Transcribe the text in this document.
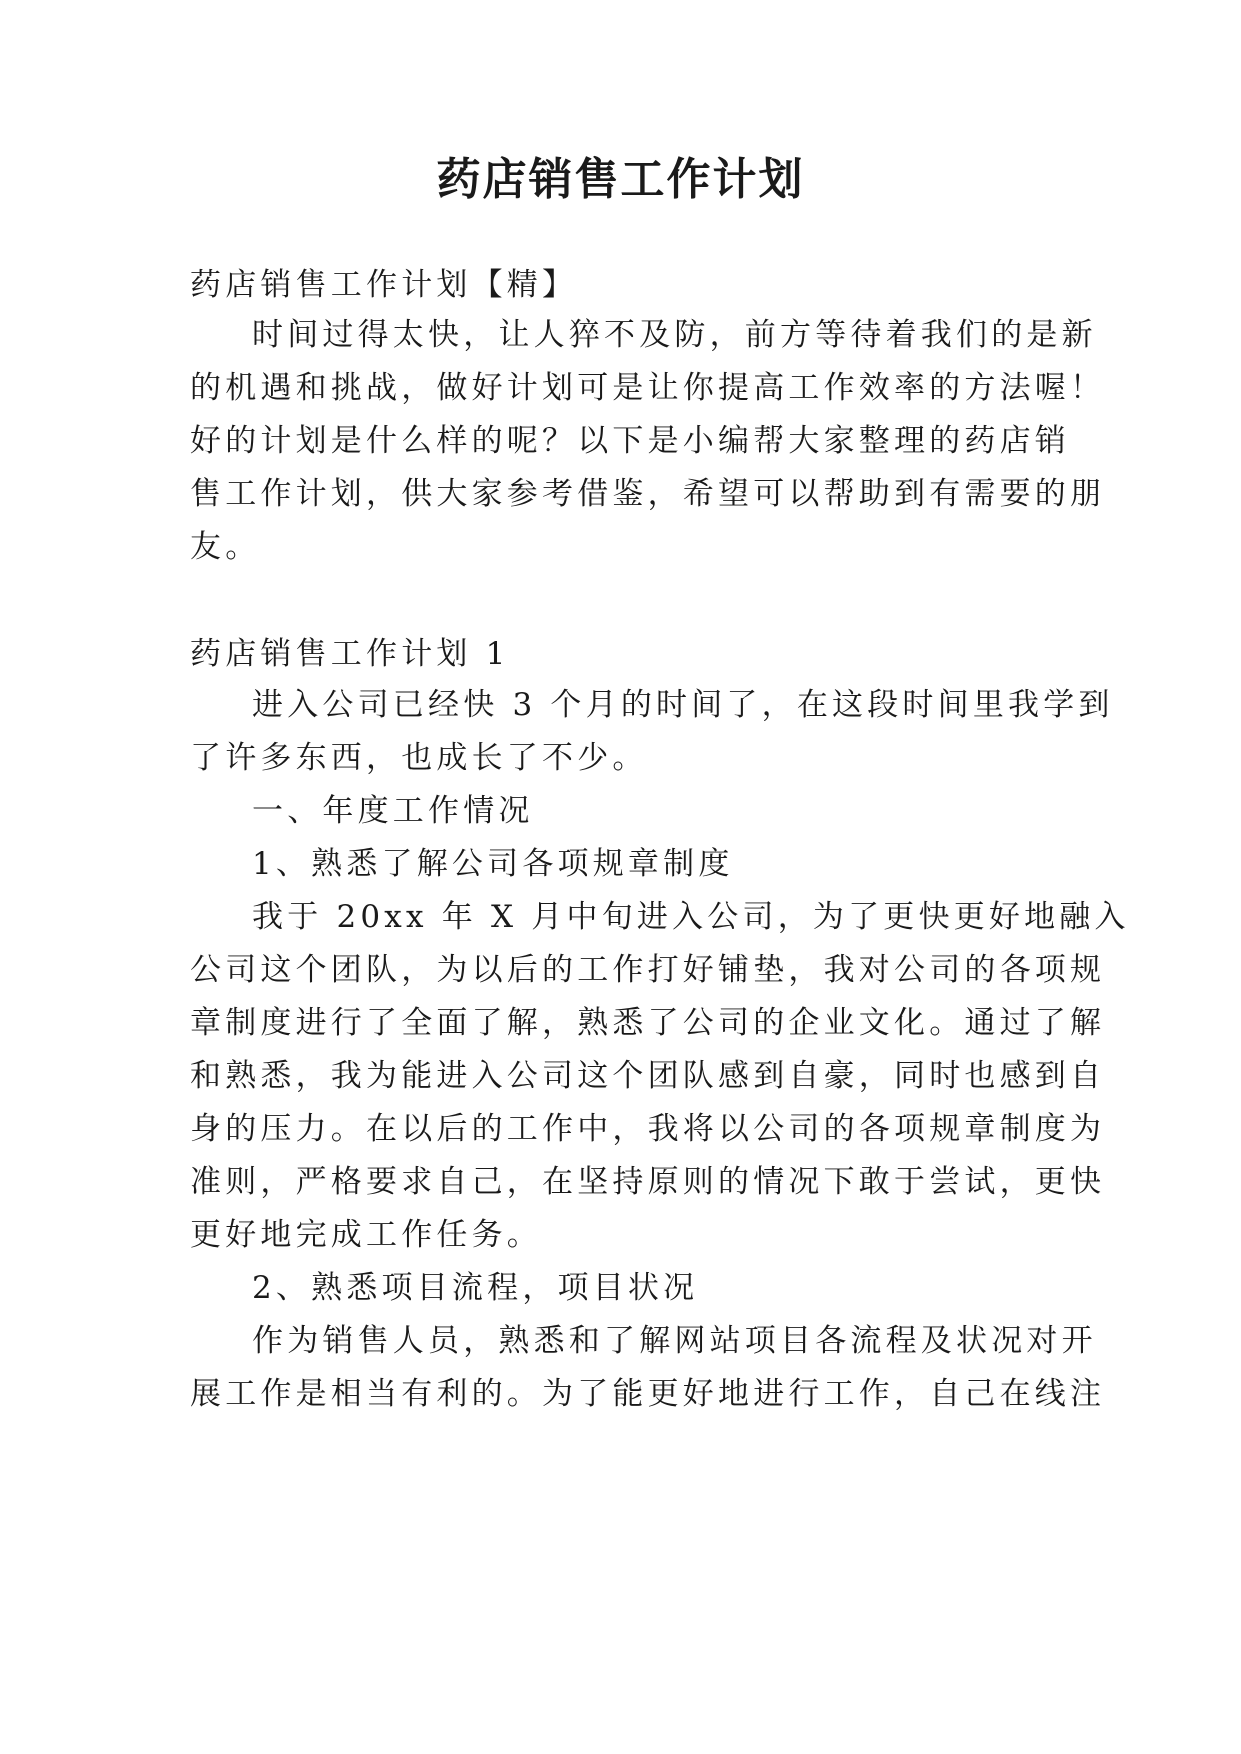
药店销售工作计划

药店销售工作计划【精】

时间过得太快，让人猝不及防，前方等待着我们的是新

的机遇和挑战，做好计划可是让你提高工作效率的方法喔！

好的计划是什么样的呢？以下是小编帮大家整理的药店销

售工作计划，供大家参考借鉴，希望可以帮助到有需要的朋

友。

药店销售工作计划 1

进入公司已经快 3 个月的时间了，在这段时间里我学到

了许多东西，也成长了不少。

一、年度工作情况

1、熟悉了解公司各项规章制度

我于 20xx 年 X 月中旬进入公司，为了更快更好地融入

公司这个团队，为以后的工作打好铺垫，我对公司的各项规

章制度进行了全面了解，熟悉了公司的企业文化。通过了解

和熟悉，我为能进入公司这个团队感到自豪，同时也感到自

身的压力。在以后的工作中，我将以公司的各项规章制度为

准则，严格要求自己，在坚持原则的情况下敢于尝试，更快

更好地完成工作任务。

2、熟悉项目流程，项目状况

作为销售人员，熟悉和了解网站项目各流程及状况对开

展工作是相当有利的。为了能更好地进行工作，自己在线注
